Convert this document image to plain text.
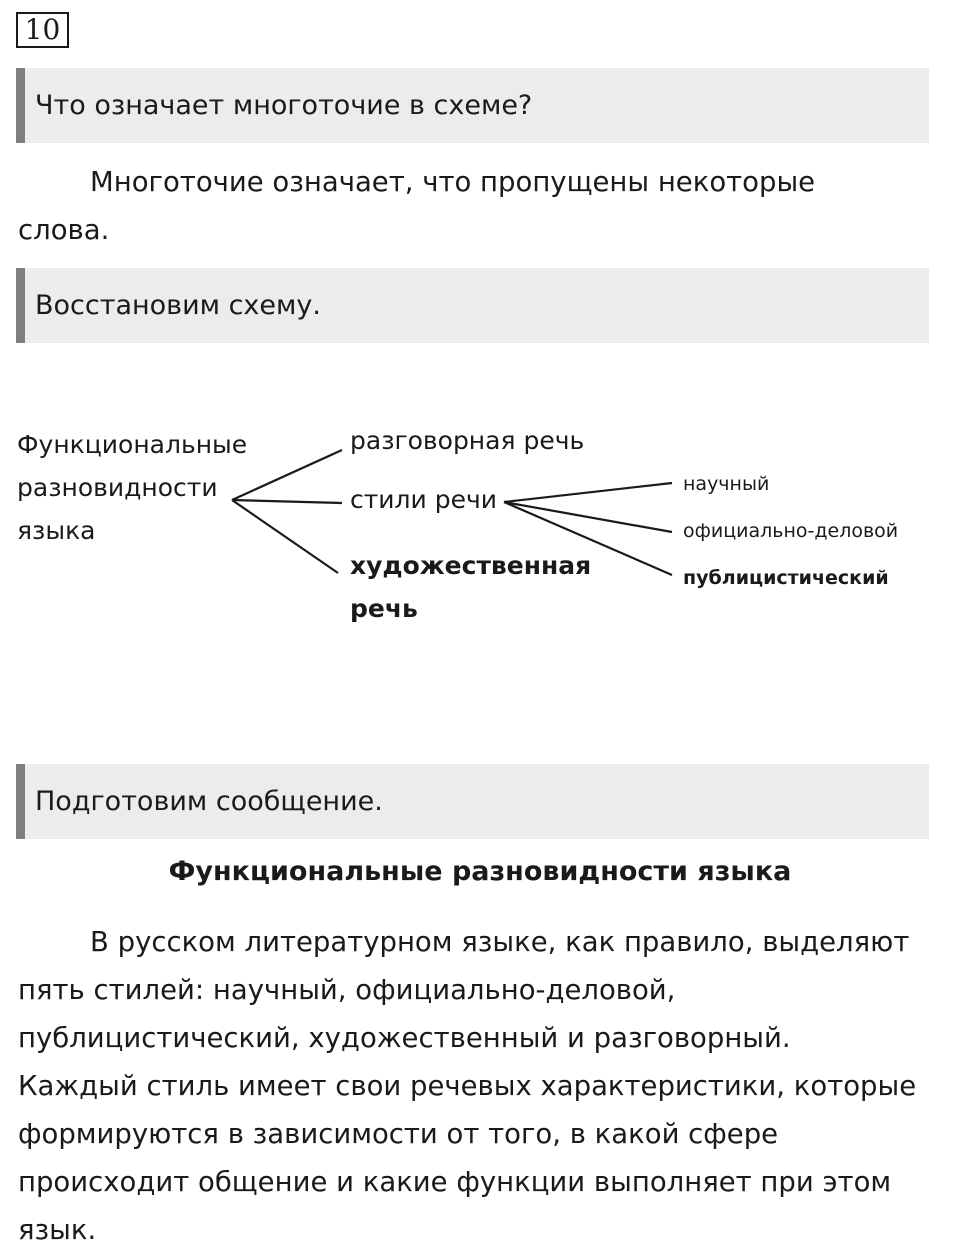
10
Что означает многоточие в схеме?
Многоточие означает, что пропущены некоторые
слова.
Восстановим схему.
Функциональные
разновидности
языка
разговорная речь
стили речи
художественная
речь
научный
официально-деловой
публицистический
Подготовим сообщение.
Функциональные разновидности языка
В русском литературном языке, как правило, выделяют
пять стилей: научный, официально-деловой,
публицистический, художественный и разговорный.
Каждый стиль имеет свои речевых характеристики, которые
формируются в зависимости от того, в какой сфере
происходит общение и какие функции выполняет при этом
язык.
